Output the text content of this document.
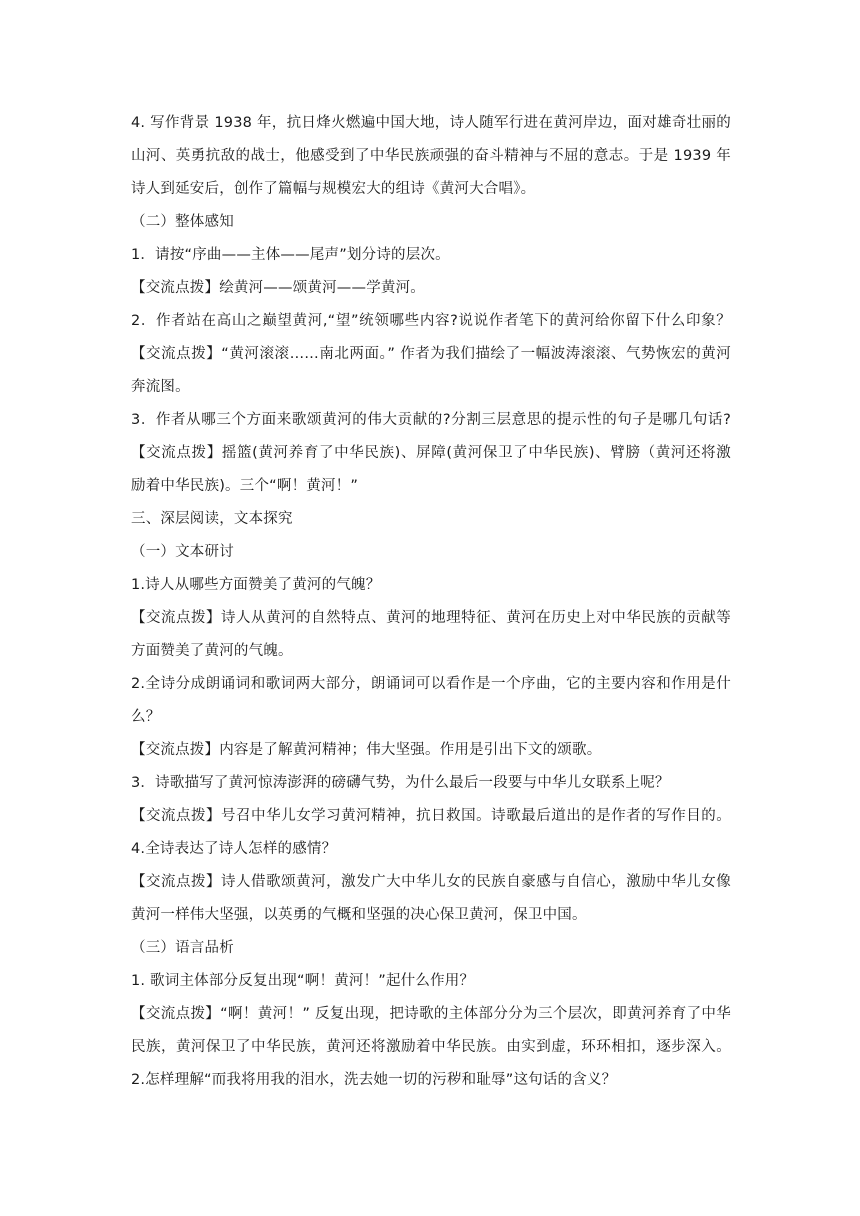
4. 写作背景 1938 年，抗日烽火燃遍中国大地，诗人随军行进在黄河岸边，面对雄奇壮丽的
山河、英勇抗敌的战士，他感受到了中华民族顽强的奋斗精神与不屈的意志。于是 1939 年
诗人到延安后，创作了篇幅与规模宏大的组诗《黄河大合唱》。
（二）整体感知
1．请按“序曲——主体——尾声”划分诗的层次。
【交流点拨】绘黄河——颂黄河——学黄河。
2．作者站在高山之巅望黄河,“望”统领哪些内容?说说作者笔下的黄河给你留下什么印象？
【交流点拨】“黄河滚滚……南北两面。” 作者为我们描绘了一幅波涛滚滚、气势恢宏的黄河
奔流图。
3．作者从哪三个方面来歌颂黄河的伟大贡献的?分割三层意思的提示性的句子是哪几句话?
【交流点拨】摇篮(黄河养育了中华民族)、屏障(黄河保卫了中华民族)、臂膀（黄河还将激
励着中华民族)。三个“啊！黄河！”
三、深层阅读，文本探究
（一）文本研讨
1.诗人从哪些方面赞美了黄河的气魄？
【交流点拨】诗人从黄河的自然特点、黄河的地理特征、黄河在历史上对中华民族的贡献等
方面赞美了黄河的气魄。
2.全诗分成朗诵词和歌词两大部分，朗诵词可以看作是一个序曲，它的主要内容和作用是什
么？
【交流点拨】内容是了解黄河精神；伟大坚强。作用是引出下文的颂歌。
3．诗歌描写了黄河惊涛澎湃的磅礴气势，为什么最后一段要与中华儿女联系上呢？
【交流点拨】号召中华儿女学习黄河精神，抗日救国。诗歌最后道出的是作者的写作目的。
4.全诗表达了诗人怎样的感情？
【交流点拨】诗人借歌颂黄河，激发广大中华儿女的民族自豪感与自信心，激励中华儿女像
黄河一样伟大坚强，以英勇的气概和坚强的决心保卫黄河，保卫中国。
（三）语言品析
1. 歌词主体部分反复出现“啊！黄河！”起什么作用？
【交流点拨】“啊！黄河！” 反复出现，把诗歌的主体部分分为三个层次，即黄河养育了中华
民族，黄河保卫了中华民族，黄河还将激励着中华民族。由实到虚，环环相扣，逐步深入。
2.怎样理解“而我将用我的泪水，洗去她一切的污秽和耻辱”这句话的含义？
